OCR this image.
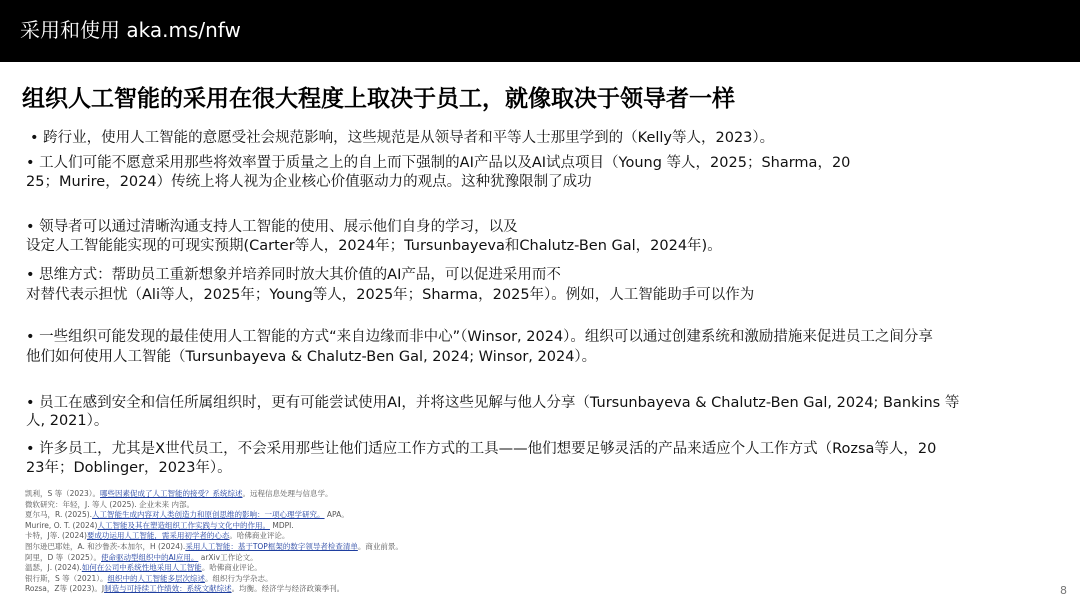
采用和使用 aka.ms/nfw
组织人工智能的采用在很大程度上取决于员工，就像取决于领导者一样
• 跨行业，使用人工智能的意愿受社会规范影响，这些规范是从领导者和平等人士那里学到的（Kelly等人，2023）。
• 工人们可能不愿意采用那些将效率置于质量之上的自上而下强制的AI产品以及AI试点项目（Young 等人，2025；Sharma，20
25；Murire，2024）传统上将人视为企业核心价值驱动力的观点。这种犹豫限制了成功
• 领导者可以通过清晰沟通支持人工智能的使用、展示他们自身的学习，以及
设定人工智能能实现的可现实预期(Carter等人，2024年；Tursunbayeva和Chalutz-Ben Gal，2024年)。
• 思维方式：帮助员工重新想象并培养同时放大其价值的AI产品，可以促进采用而不
对替代表示担忧（Ali等人，2025年；Young等人，2025年；Sharma，2025年）。例如，人工智能助手可以作为
• 一些组织可能发现的最佳使用人工智能的方式“来自边缘而非中心”（Winsor, 2024）。组织可以通过创建系统和激励措施来促进员工之间分享
他们如何使用人工智能（Tursunbayeva & Chalutz-Ben Gal, 2024; Winsor, 2024）。
• 员工在感到安全和信任所属组织时，更有可能尝试使用AI，并将这些见解与他人分享（Tursunbayeva & Chalutz-Ben Gal, 2024; Bankins 等
人, 2021）。
• 许多员工，尤其是X世代员工，不会采用那些让他们适应工作方式的工具——他们想要足够灵活的产品来适应个人工作方式（Rozsa等人，20
23年；Doblinger，2023年）。
凯利，S 等（2023）。哪些因素促成了人工智能的接受？系统综述。远程信息处理与信息学。
微软研究：年轻，J. 等人 (2025). 企业未来 内部。
夏尔马，R. (2025).人工智能生成内容对人类创造力和原创思维的影响：一项心理学研究。 APA。
Murire, O. T. (2024)人工智能及其在塑造组织工作实践与文化中的作用。 MDPI.
卡特，J等. (2024)要成功运用人工智能，需采用初学者的心态。哈佛商业评论。
图尔逊巴耶娃，A. 和沙鲁茨-本加尔，H (2024).采用人工智能：基于TOP框架的数字领导者检查清单。商业前景。
阿里，D 等（2025）。使命驱动型组织中的AI应用。 arXiv工作论文。
温瑟，J. (2024).如何在公司中系统性地采用人工智能。哈佛商业评论。
银行斯，S 等（2021）。组织中的人工智能多层次综述。组织行为学杂志。
Rozsa，Z等 (2023)。J制造与可持续工作绩效：系统文献综述。均衡。经济学与经济政策季刊。	8
